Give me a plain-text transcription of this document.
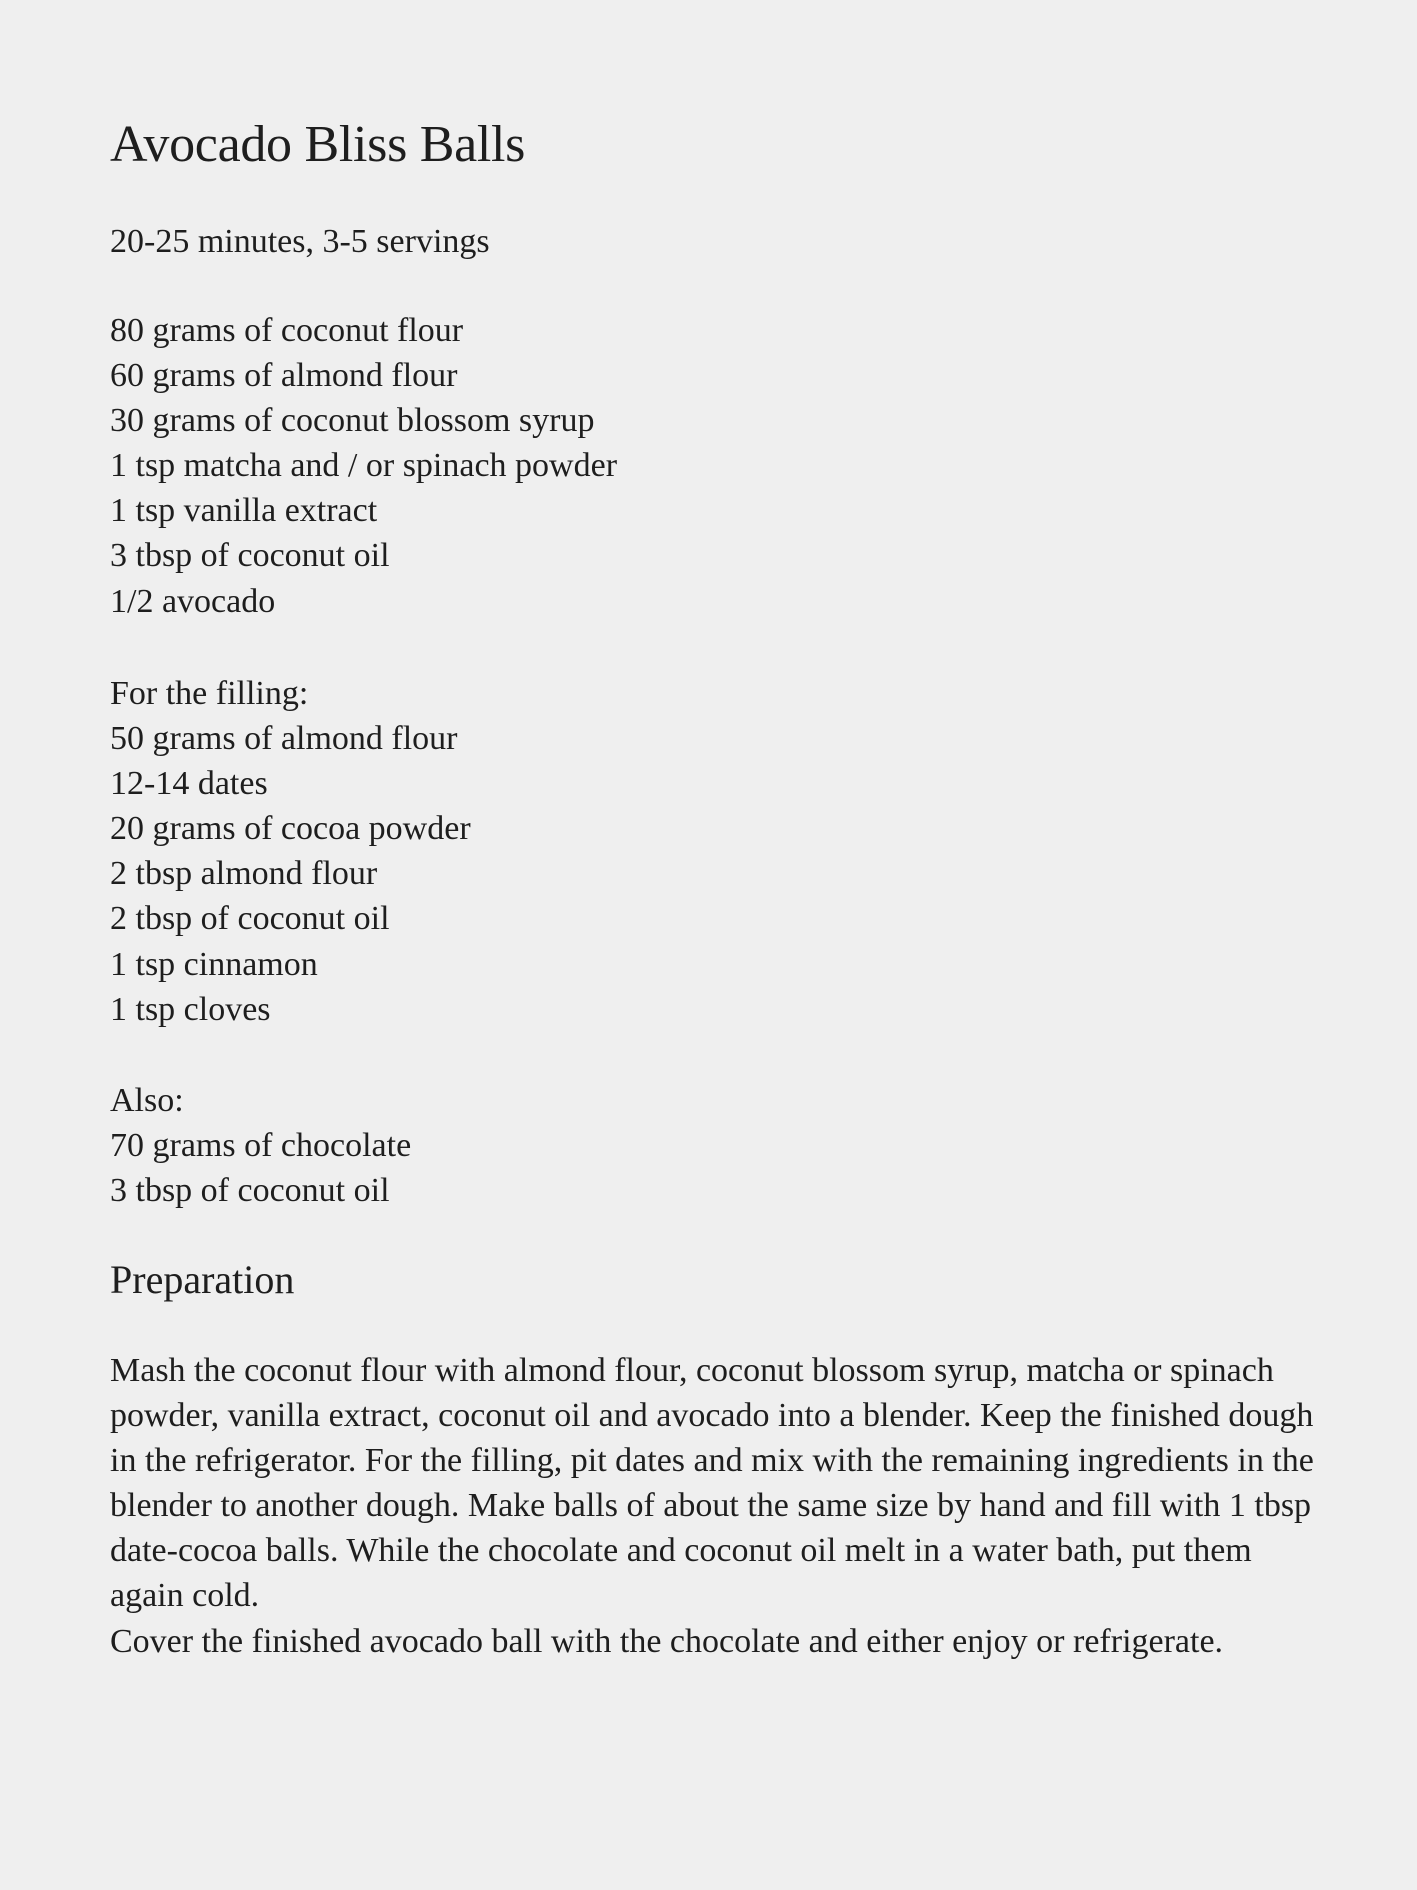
Avocado Bliss Balls

20-25 minutes, 3-5 servings

80 grams of coconut flour
60 grams of almond flour
30 grams of coconut blossom syrup
1 tsp matcha and / or spinach powder
1 tsp vanilla extract
3 tbsp of coconut oil
1/2 avocado
For the filling:
50 grams of almond flour
12-14 dates
20 grams of cocoa powder
2 tbsp almond flour
2 tbsp of coconut oil
1 tsp cinnamon
1 tsp cloves
Also:
70 grams of chocolate
3 tbsp of coconut oil
Preparation

Mash the coconut flour with almond flour, coconut blossom syrup, matcha or spinach powder, vanilla extract, coconut oil and avocado into a blender. Keep the finished dough in the refrigerator. For the filling, pit dates and mix with the remaining ingredients in the blender to another dough. Make balls of about the same size by hand and fill with 1 tbsp date-cocoa balls. While the chocolate and coconut oil melt in a water bath, put them again cold.

Cover the finished avocado ball with the chocolate and either enjoy or refrigerate.
